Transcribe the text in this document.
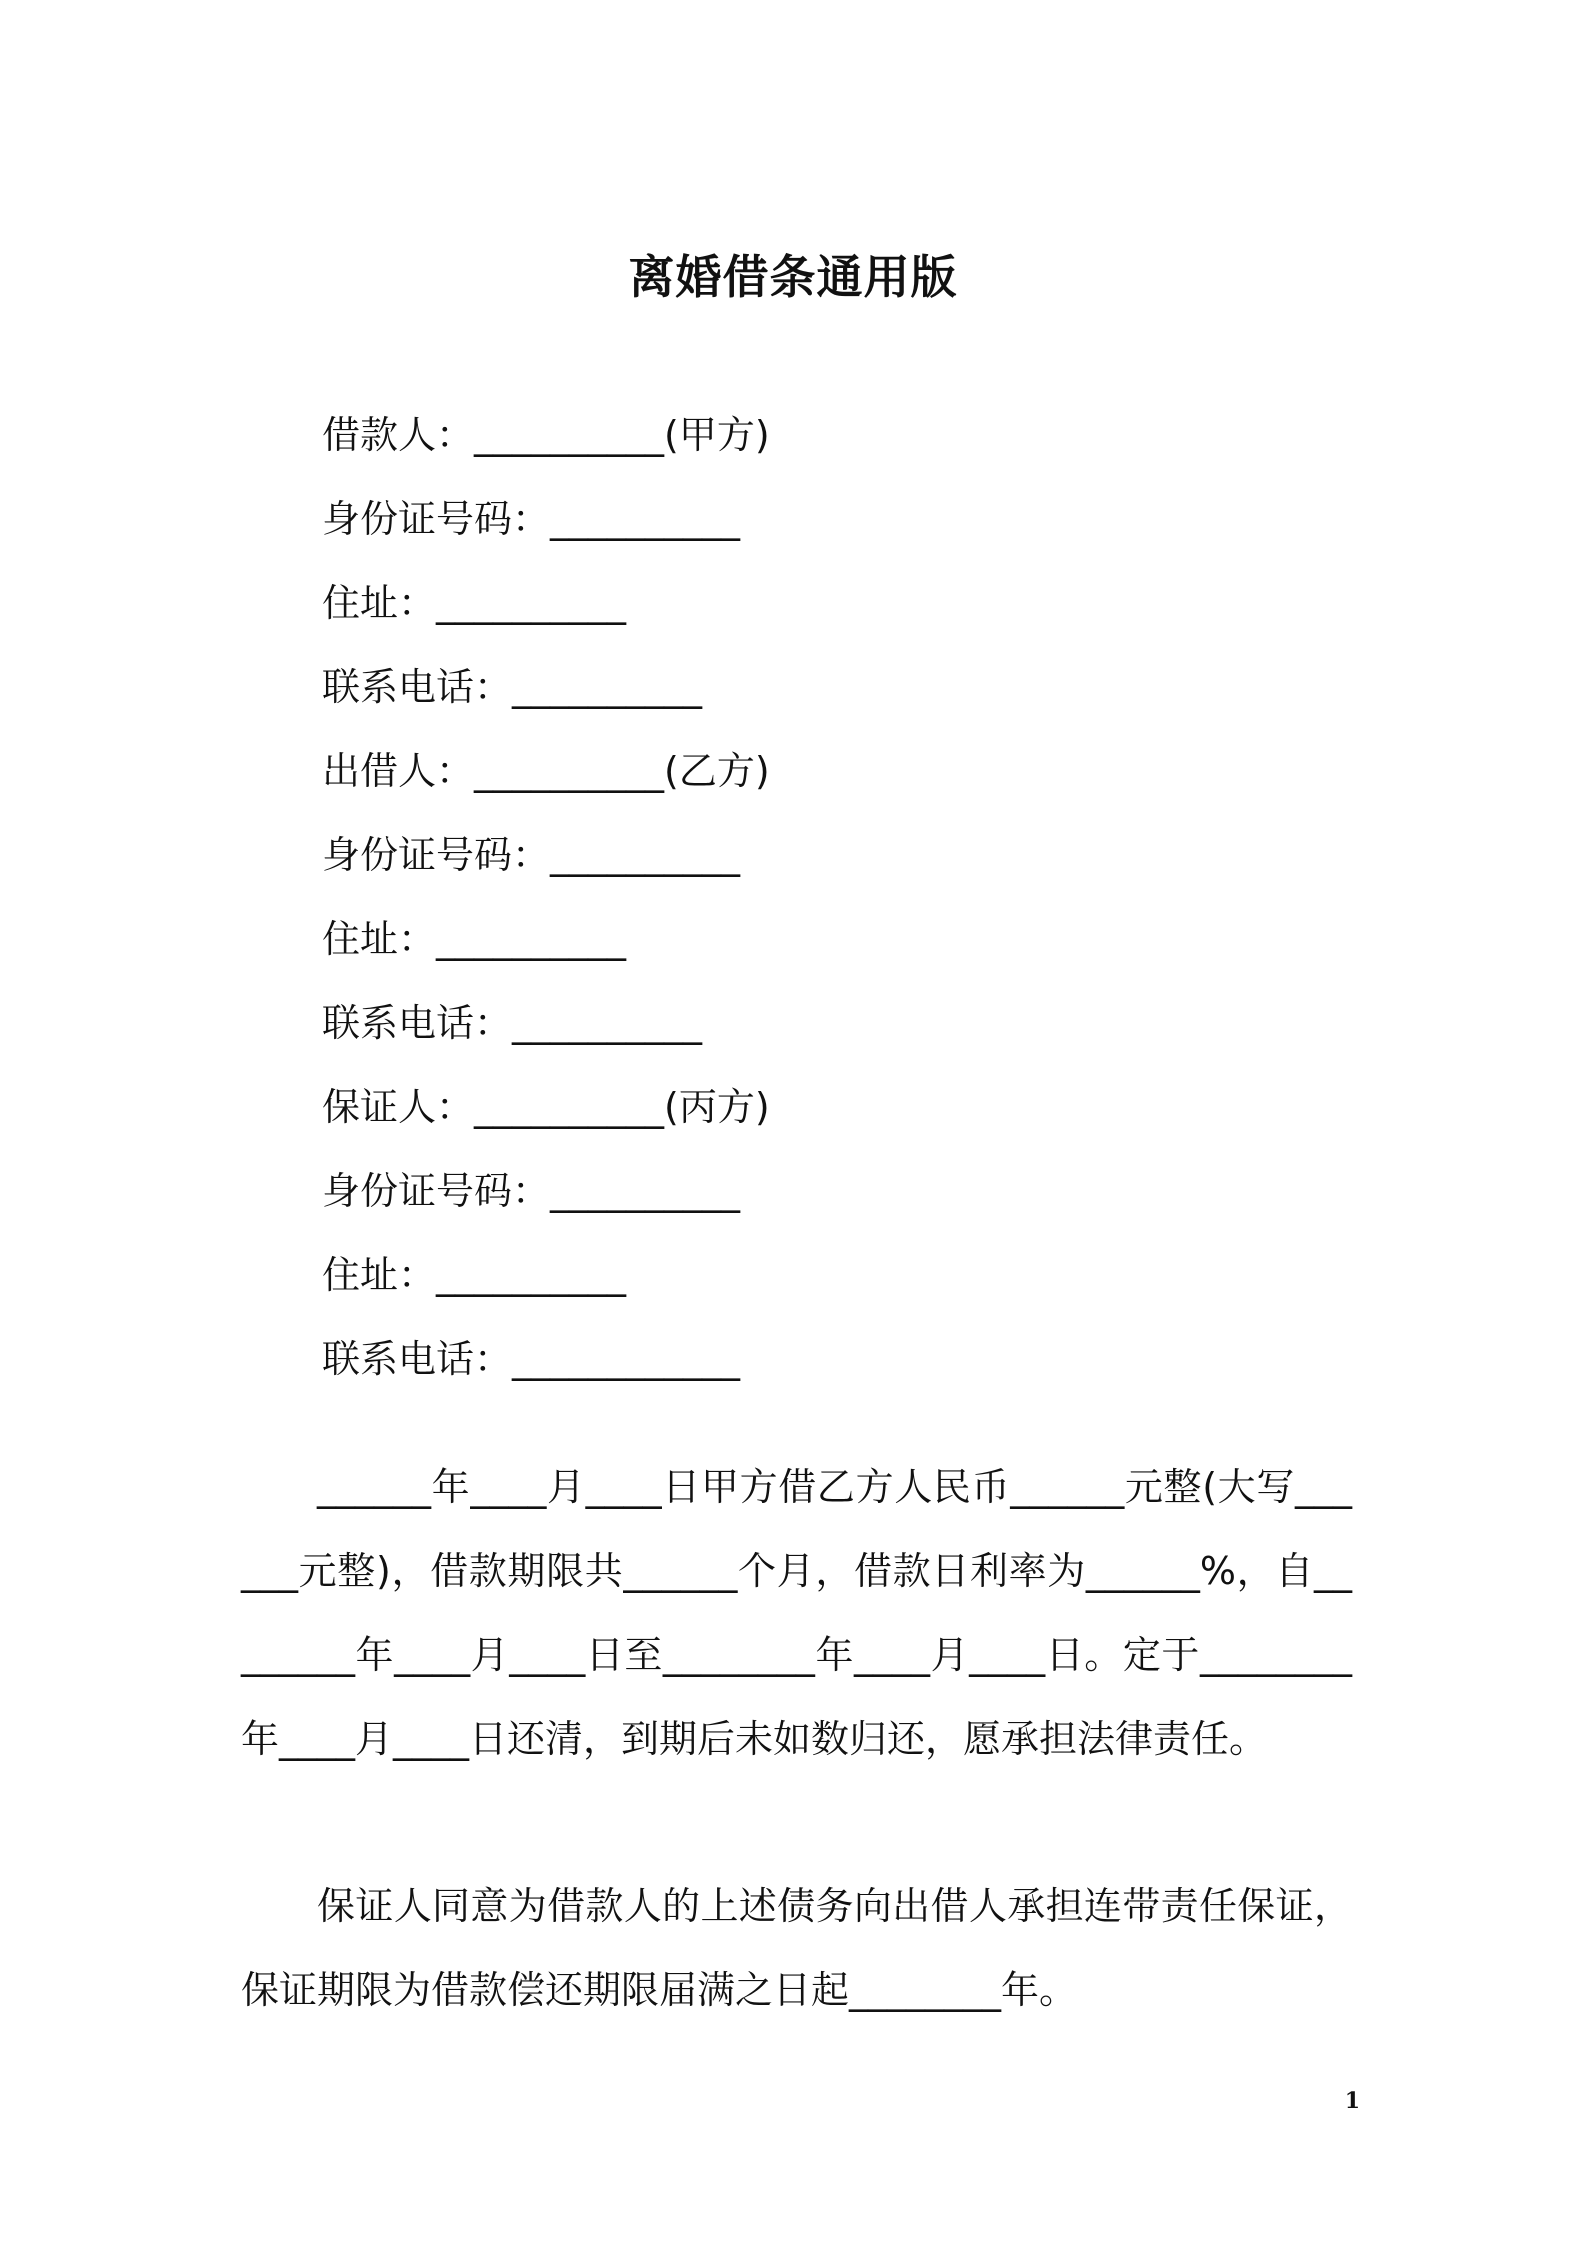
离婚借条通用版
借款人：__________(甲方)
身份证号码：__________
住址：__________
联系电话：__________
出借人：__________(乙方)
身份证号码：__________
住址：__________
联系电话：__________
保证人：__________(丙方)
身份证号码：__________
住址：__________
联系电话：____________

______年____月____日甲方借乙方人民币______元整(大写______元整)，借款期限共______个月，借款日利率为______%，自________年____月____日至________年____月____日。定于________年____月____日还清，到期后未如数归还，愿承担法律责任。

保证人同意为借款人的上述债务向出借人承担连带责任保证，保证期限为借款偿还期限届满之日起________年。

1
